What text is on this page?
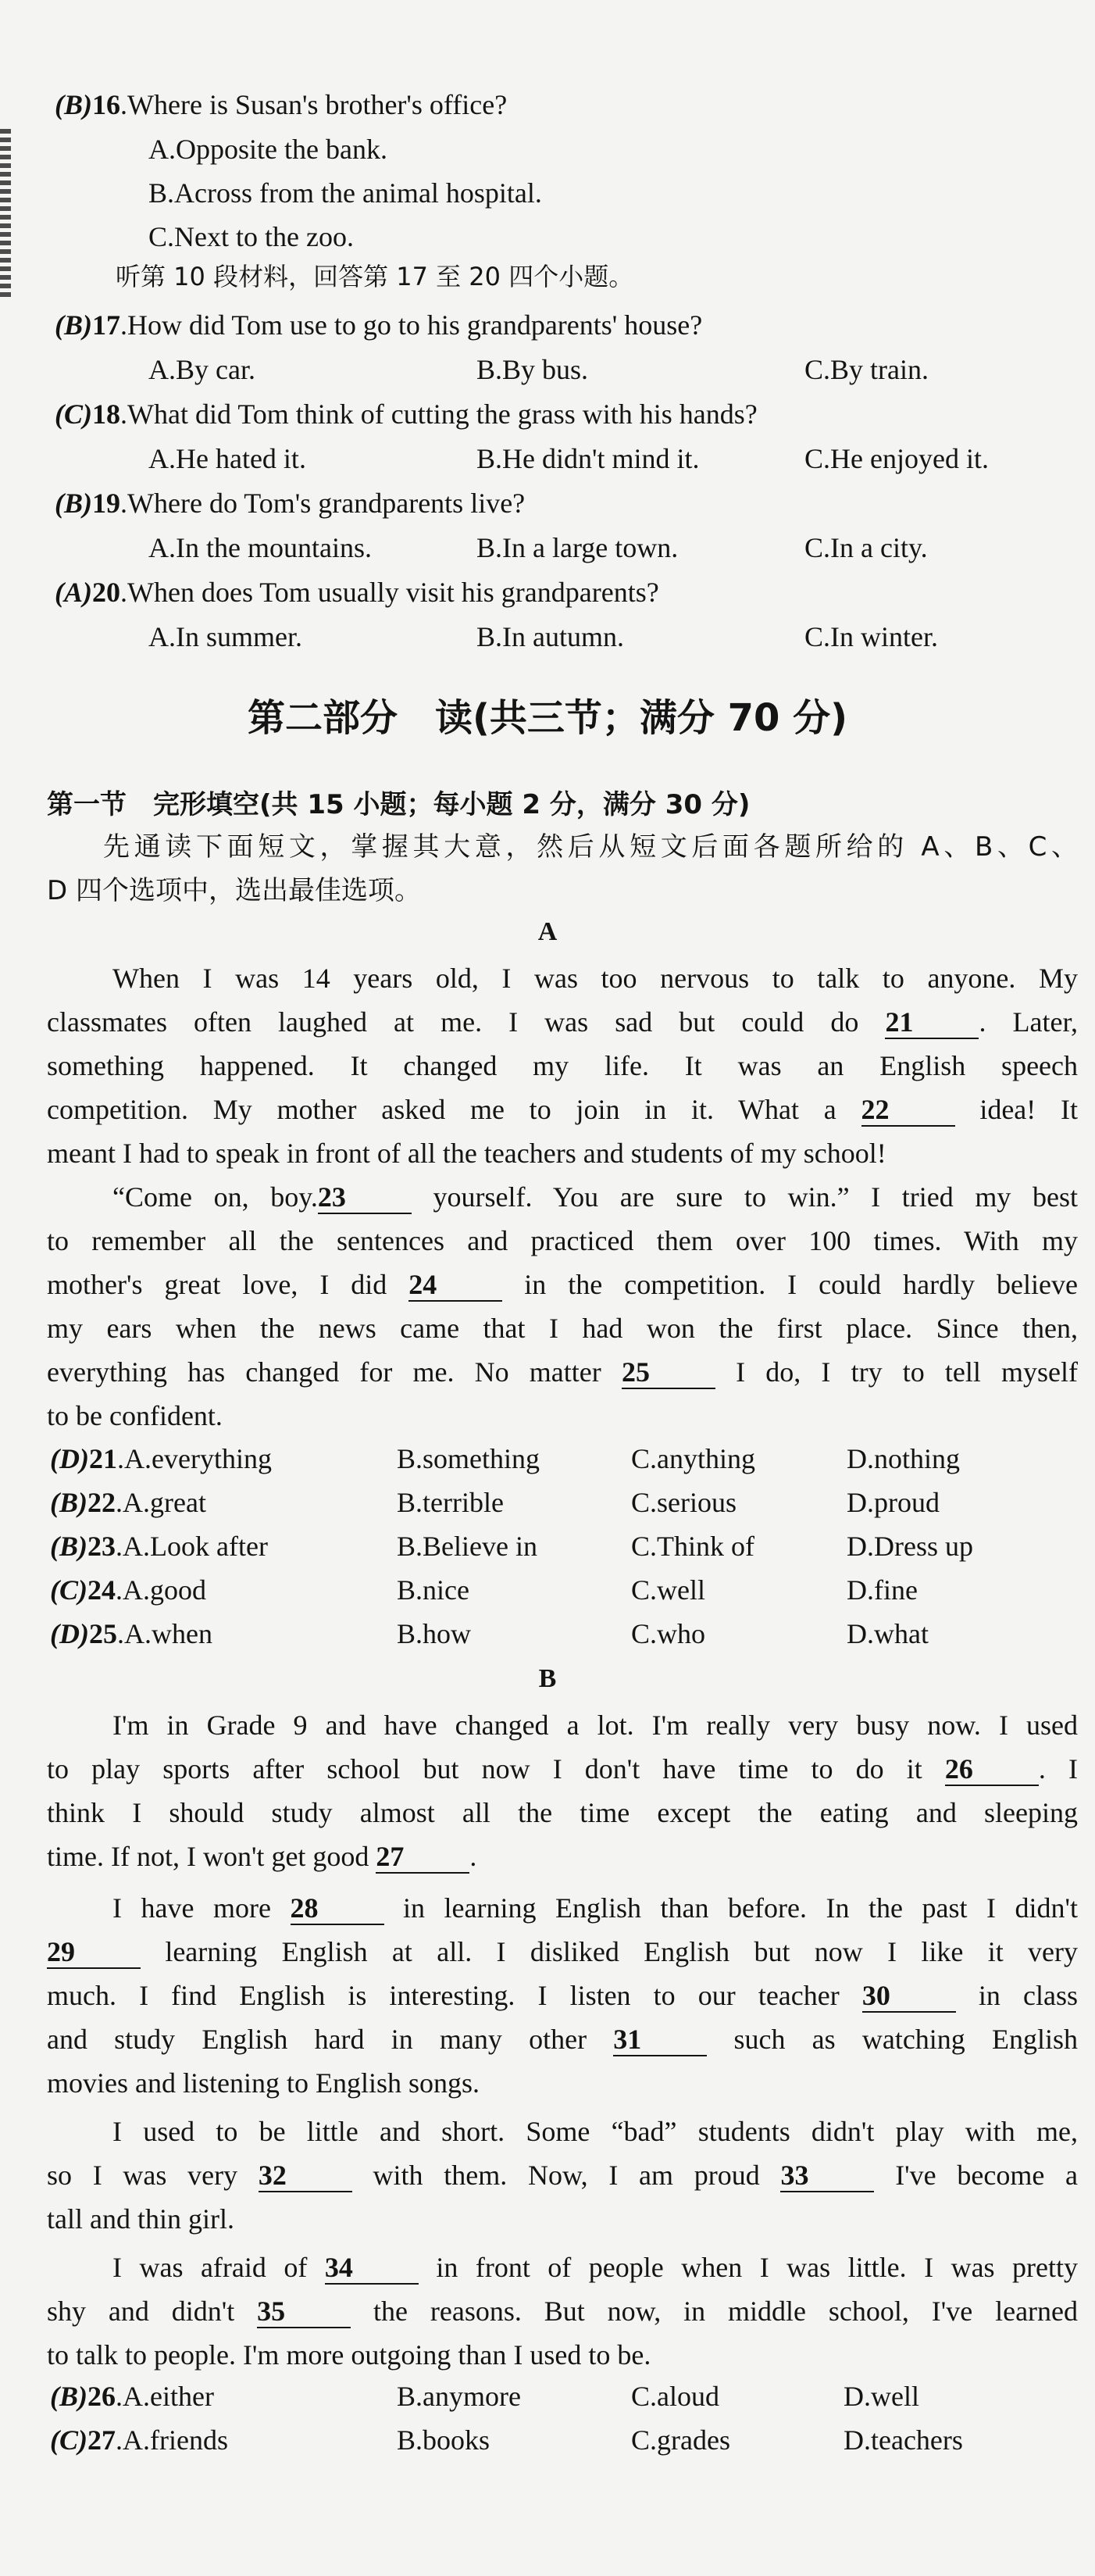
(B)16.Where is Susan's brother's office?
A.Opposite the bank.
B.Across from the animal hospital.
C.Next to the zoo.
听第 10 段材料，回答第 17 至 20 四个小题。
(B)17.How did Tom use to go to his grandparents' house?
A.By car.	B.By bus.	C.By train.
(C)18.What did Tom think of cutting the grass with his hands?
A.He hated it.	B.He didn't mind it.	C.He enjoyed it.
(B)19.Where do Tom's grandparents live?
A.In the mountains.	B.In a large town.	C.In a city.
(A)20.When does Tom usually visit his grandparents?
A.In summer.	B.In autumn.	C.In winter.
第二部分　读(共三节；满分 70 分)
第一节　完形填空(共 15 小题；每小题 2 分，满分 30 分)
先通读下面短文，掌握其大意，然后从短文后面各题所给的 A、B、C、
D 四个选项中，选出最佳选项。
A
When I was 14 years old, I was too nervous to talk to anyone. My
classmates often laughed at me. I was sad but could do 21 . Later,
something happened. It changed my life. It was an English speech
competition. My mother asked me to join in it. What a 22	idea! It
meant I had to speak in front of all the teachers and students of my school!
“Come on, boy.23	yourself. You are sure to win.” I tried my best
to remember all the sentences and practiced them over 100 times. With my
mother's great love, I did 24	in the competition. I could hardly believe
my ears when the news came that I had won the first place. Since then,
everything has changed for me. No matter 25	I do, I try to tell myself
to be confident.
(D)21.A.everything	B.something	C.anything	D.nothing
(B)22.A.great	B.terrible	C.serious	D.proud
(B)23.A.Look after	B.Believe in	C.Think of	D.Dress up
(C)24.A.good	B.nice	C.well	D.fine
(D)25.A.when	B.how	C.who	D.what
B
I'm in Grade 9 and have changed a lot. I'm really very busy now. I used
to play sports after school but now I don't have time to do it 26 . I
think I should study almost all the time except the eating and sleeping
time. If not, I won't get good 27 .
I have more 28	in learning English than before. In the past I didn't
29	learning English at all. I disliked English but now I like it very
much. I find English is interesting. I listen to our teacher 30	in class
and study English hard in many other 31	such as watching English
movies and listening to English songs.
I used to be little and short. Some “bad” students didn't play with me,
so I was very 32	with them. Now, I am proud 33	I've become a
tall and thin girl.
I was afraid of 34	in front of people when I was little. I was pretty
shy and didn't 35	the reasons. But now, in middle school, I've learned
to talk to people. I'm more outgoing than I used to be.
(B)26.A.either	B.anymore	C.aloud	D.well
(C)27.A.friends	B.books	C.grades	D.teachers
